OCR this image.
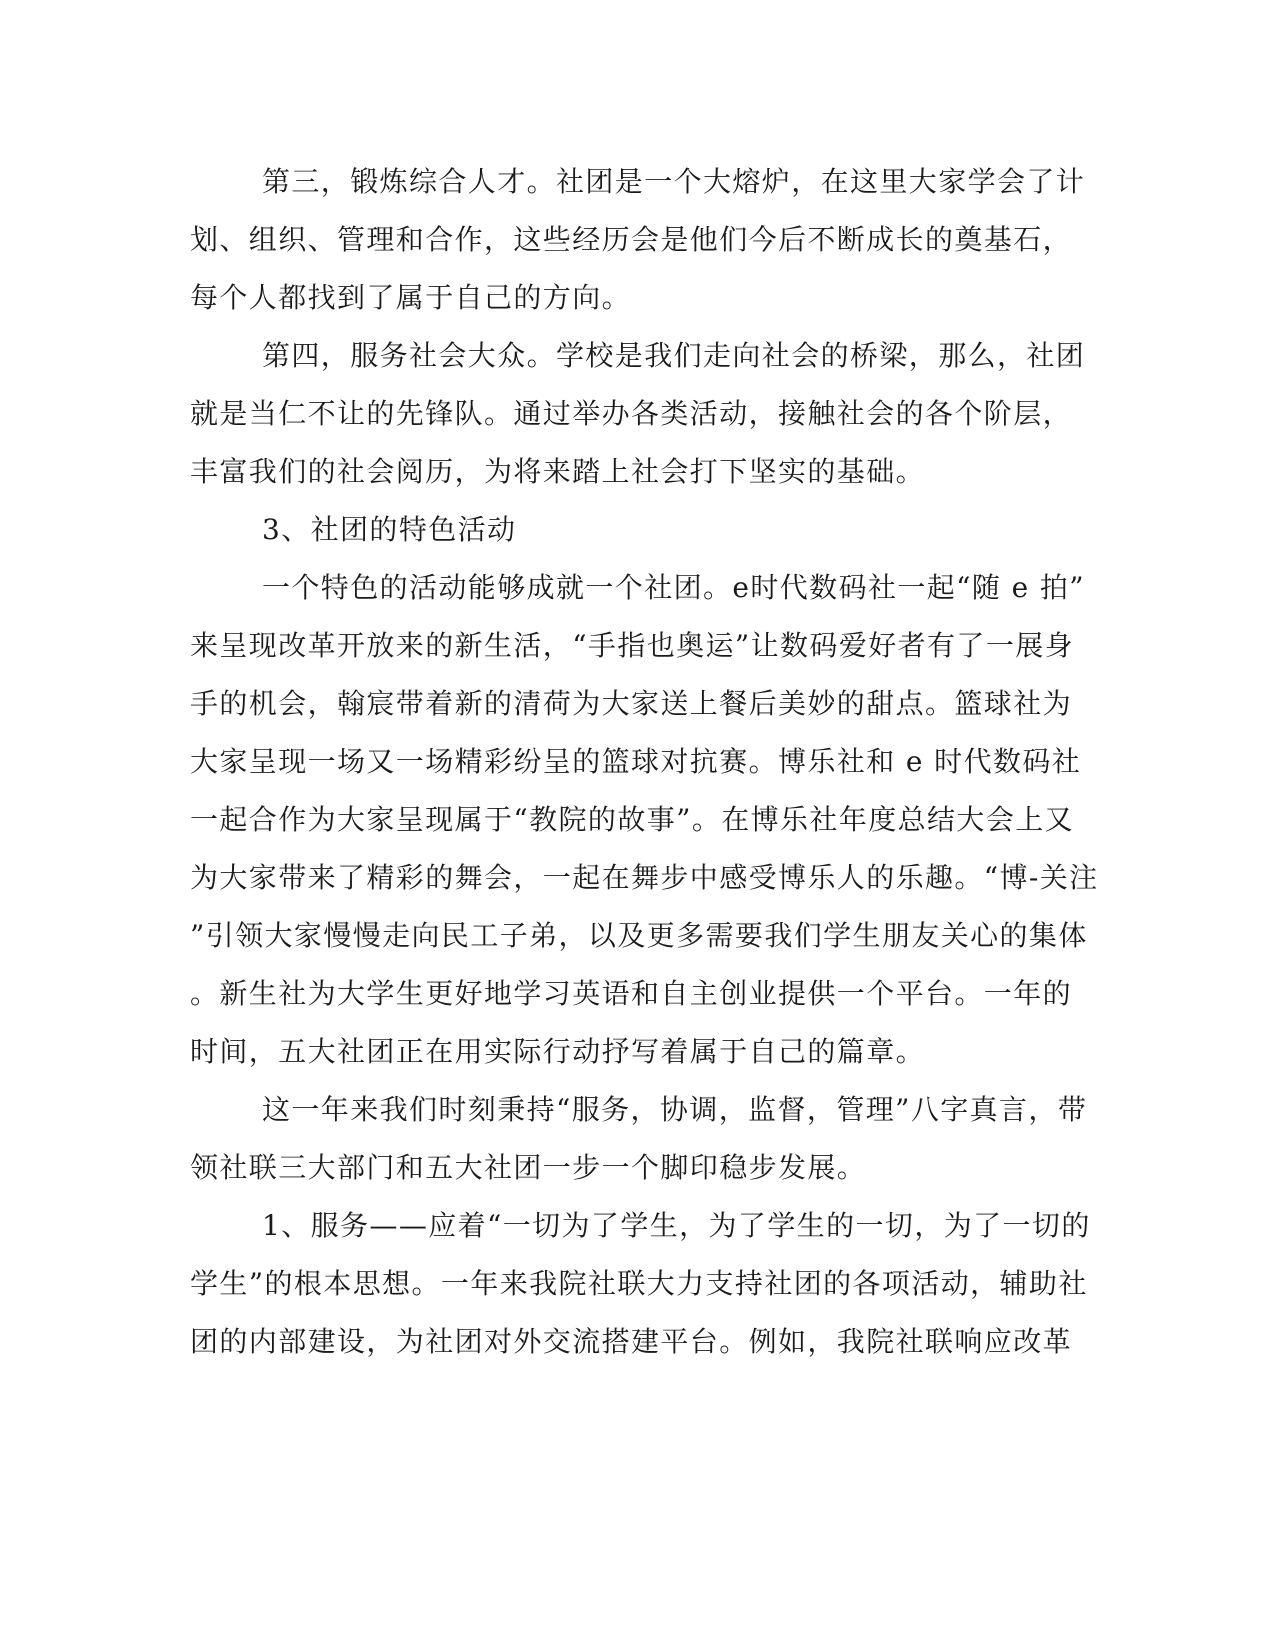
第三，锻炼综合人才。社团是一个大熔炉，在这里大家学会了计
划、组织、管理和合作，这些经历会是他们今后不断成长的奠基石，
每个人都找到了属于自己的方向。
第四，服务社会大众。学校是我们走向社会的桥梁，那么，社团
就是当仁不让的先锋队。通过举办各类活动，接触社会的各个阶层，
丰富我们的社会阅历，为将来踏上社会打下坚实的基础。
3、社团的特色活动
一个特色的活动能够成就一个社团。e时代数码社一起“随 e 拍”
来呈现改革开放来的新生活，“手指也奥运”让数码爱好者有了一展身
手的机会，翰宸带着新的清荷为大家送上餐后美妙的甜点。篮球社为
大家呈现一场又一场精彩纷呈的篮球对抗赛。博乐社和 e 时代数码社
一起合作为大家呈现属于“教院的故事”。在博乐社年度总结大会上又
为大家带来了精彩的舞会，一起在舞步中感受博乐人的乐趣。“博-关注
”引领大家慢慢走向民工子弟，以及更多需要我们学生朋友关心的集体
。新生社为大学生更好地学习英语和自主创业提供一个平台。一年的
时间，五大社团正在用实际行动抒写着属于自己的篇章。
这一年来我们时刻秉持“服务，协调，监督，管理”八字真言，带
领社联三大部门和五大社团一步一个脚印稳步发展。
1、服务——应着“一切为了学生，为了学生的一切，为了一切的
学生”的根本思想。一年来我院社联大力支持社团的各项活动，辅助社
团的内部建设，为社团对外交流搭建平台。例如，我院社联响应改革
